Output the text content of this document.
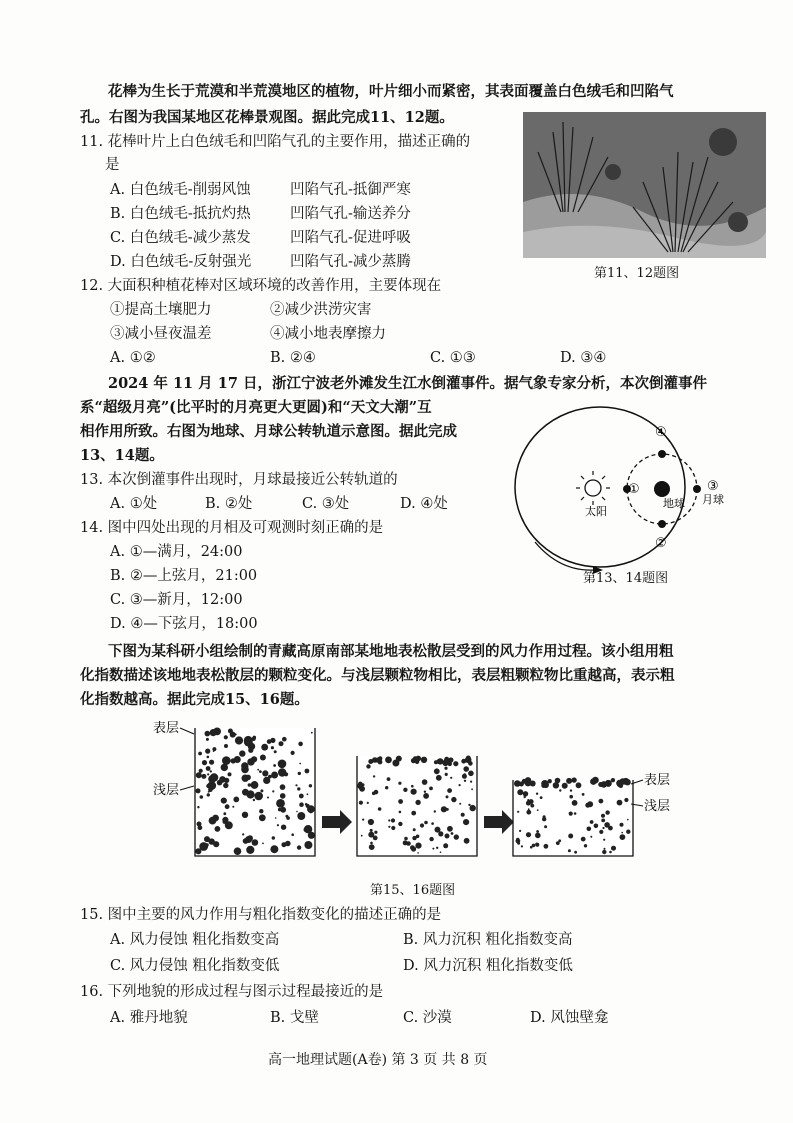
花棒为生长于荒漠和半荒漠地区的植物，叶片细小而紧密，其表面覆盖白色绒毛和凹陷气
孔。右图为我国某地区花棒景观图。据此完成11、12题。
第11、12题图
11. 花棒叶片上白色绒毛和凹陷气孔的主要作用，描述正确的
是
A. 白色绒毛-削弱风蚀	凹陷气孔-抵御严寒
B. 白色绒毛-抵抗灼热	凹陷气孔-输送养分
C. 白色绒毛-减少蒸发	凹陷气孔-促进呼吸
D. 白色绒毛-反射强光	凹陷气孔-减少蒸腾
12. 大面积种植花棒对区域环境的改善作用，主要体现在
①提高土壤肥力	②减少洪涝灾害
③减小昼夜温差	④减小地表摩擦力
A. ①②	B. ②④	C. ①③	D. ③④
2024 年 11 月 17 日，浙江宁波老外滩发生江水倒灌事件。据气象专家分析，本次倒灌事件
系“超级月亮”(比平时的月亮更大更圆)和“天文大潮”互
相作用所致。右图为地球、月球公转轨道示意图。据此完成
13、14题。
13. 本次倒灌事件出现时，月球最接近公转轨道的
A. ①处	B. ②处	C. ③处	D. ④处
14. 图中四处出现的月相及可观测时刻正确的是
A. ①—满月，24:00
B. ②—上弦月，21:00
C. ③—新月，12:00
D. ④—下弦月，18:00
太阳
地球 月球
①
②
③
④
第13、14题图
下图为某科研小组绘制的青藏高原南部某地地表松散层受到的风力作用过程。该小组用粗
化指数描述该地地表松散层的颗粒变化。与浅层颗粒物相比，表层粗颗粒物比重越高，表示粗
化指数越高。据此完成15、16题。
表层
浅层
表层
浅层
第15、16题图
15. 图中主要的风力作用与粗化指数变化的描述正确的是
A. 风力侵蚀 粗化指数变高	B. 风力沉积 粗化指数变高
C. 风力侵蚀 粗化指数变低	D. 风力沉积 粗化指数变低
16. 下列地貌的形成过程与图示过程最接近的是
A. 雅丹地貌	B. 戈壁	C. 沙漠	D. 风蚀壁龛
高一地理试题(A卷) 第 3 页 共 8 页
